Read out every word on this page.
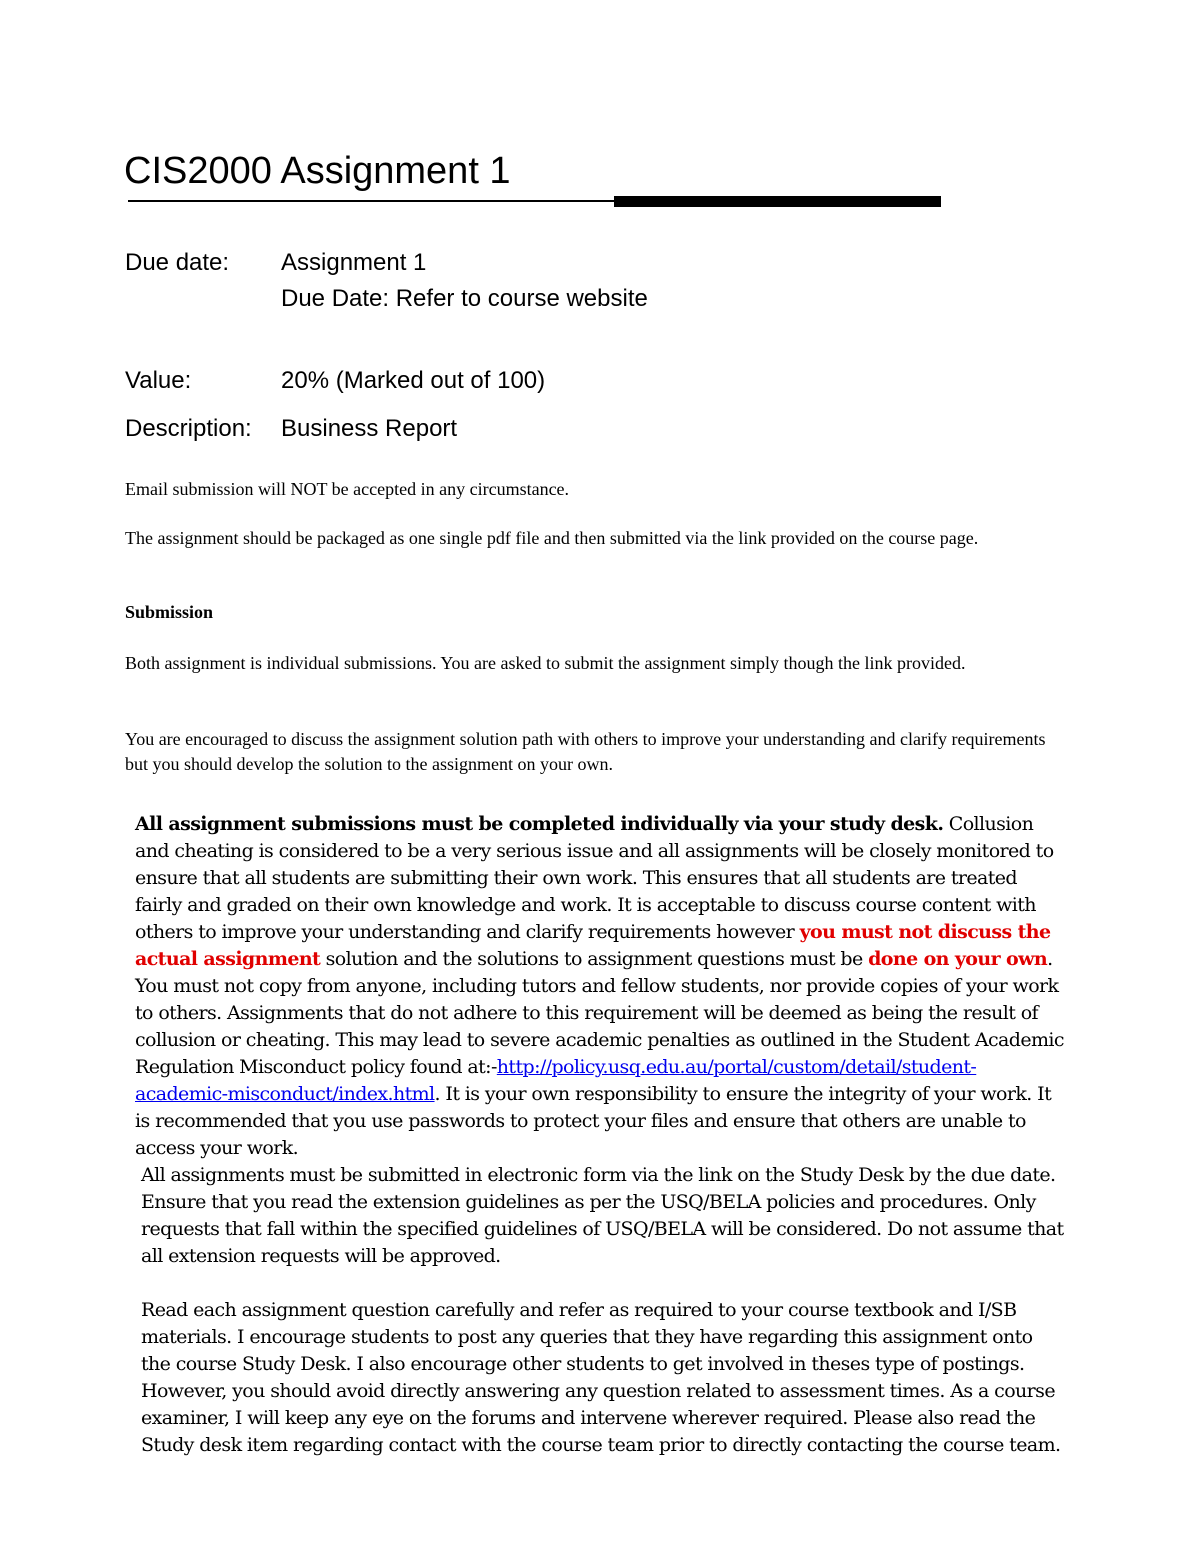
CIS2000 Assignment 1
Due date: Assignment 1
Due Date: Refer to course website
Value:	20% (Marked out of 100)
Description: Business Report

Email submission will NOT be accepted in any circumstance.

The assignment should be packaged as one single pdf file and then submitted via the link provided on the course page.

Submission

Both assignment is individual submissions. You are asked to submit the assignment simply though the link provided.

You are encouraged to discuss the assignment solution path with others to improve your understanding and clarify requirements but you should develop the solution to the assignment on your own.

All assignment submissions must be completed individually via your study desk. Collusion and cheating is considered to be a very serious issue and all assignments will be closely monitored to ensure that all students are submitting their own work. This ensures that all students are treated fairly and graded on their own knowledge and work. It is acceptable to discuss course content with others to improve your understanding and clarify requirements however you must not discuss the actual assignment solution and the solutions to assignment questions must be done on your own. You must not copy from anyone, including tutors and fellow students, nor provide copies of your work to others. Assignments that do not adhere to this requirement will be deemed as being the result of collusion or cheating. This may lead to severe academic penalties as outlined in the Student Academic Regulation Misconduct policy found at:-http://policy.usq.edu.au/portal/custom/detail/student-academic-misconduct/index.html. It is your own responsibility to ensure the integrity of your work. It is recommended that you use passwords to protect your files and ensure that others are unable to access your work.

All assignments must be submitted in electronic form via the link on the Study Desk by the due date. Ensure that you read the extension guidelines as per the USQ/BELA policies and procedures. Only requests that fall within the specified guidelines of USQ/BELA will be considered. Do not assume that all extension requests will be approved.

Read each assignment question carefully and refer as required to your course textbook and I/SB materials. I encourage students to post any queries that they have regarding this assignment onto the course Study Desk. I also encourage other students to get involved in theses type of postings. However, you should avoid directly answering any question related to assessment times. As a course examiner, I will keep any eye on the forums and intervene wherever required. Please also read the Study desk item regarding contact with the course team prior to directly contacting the course team.
